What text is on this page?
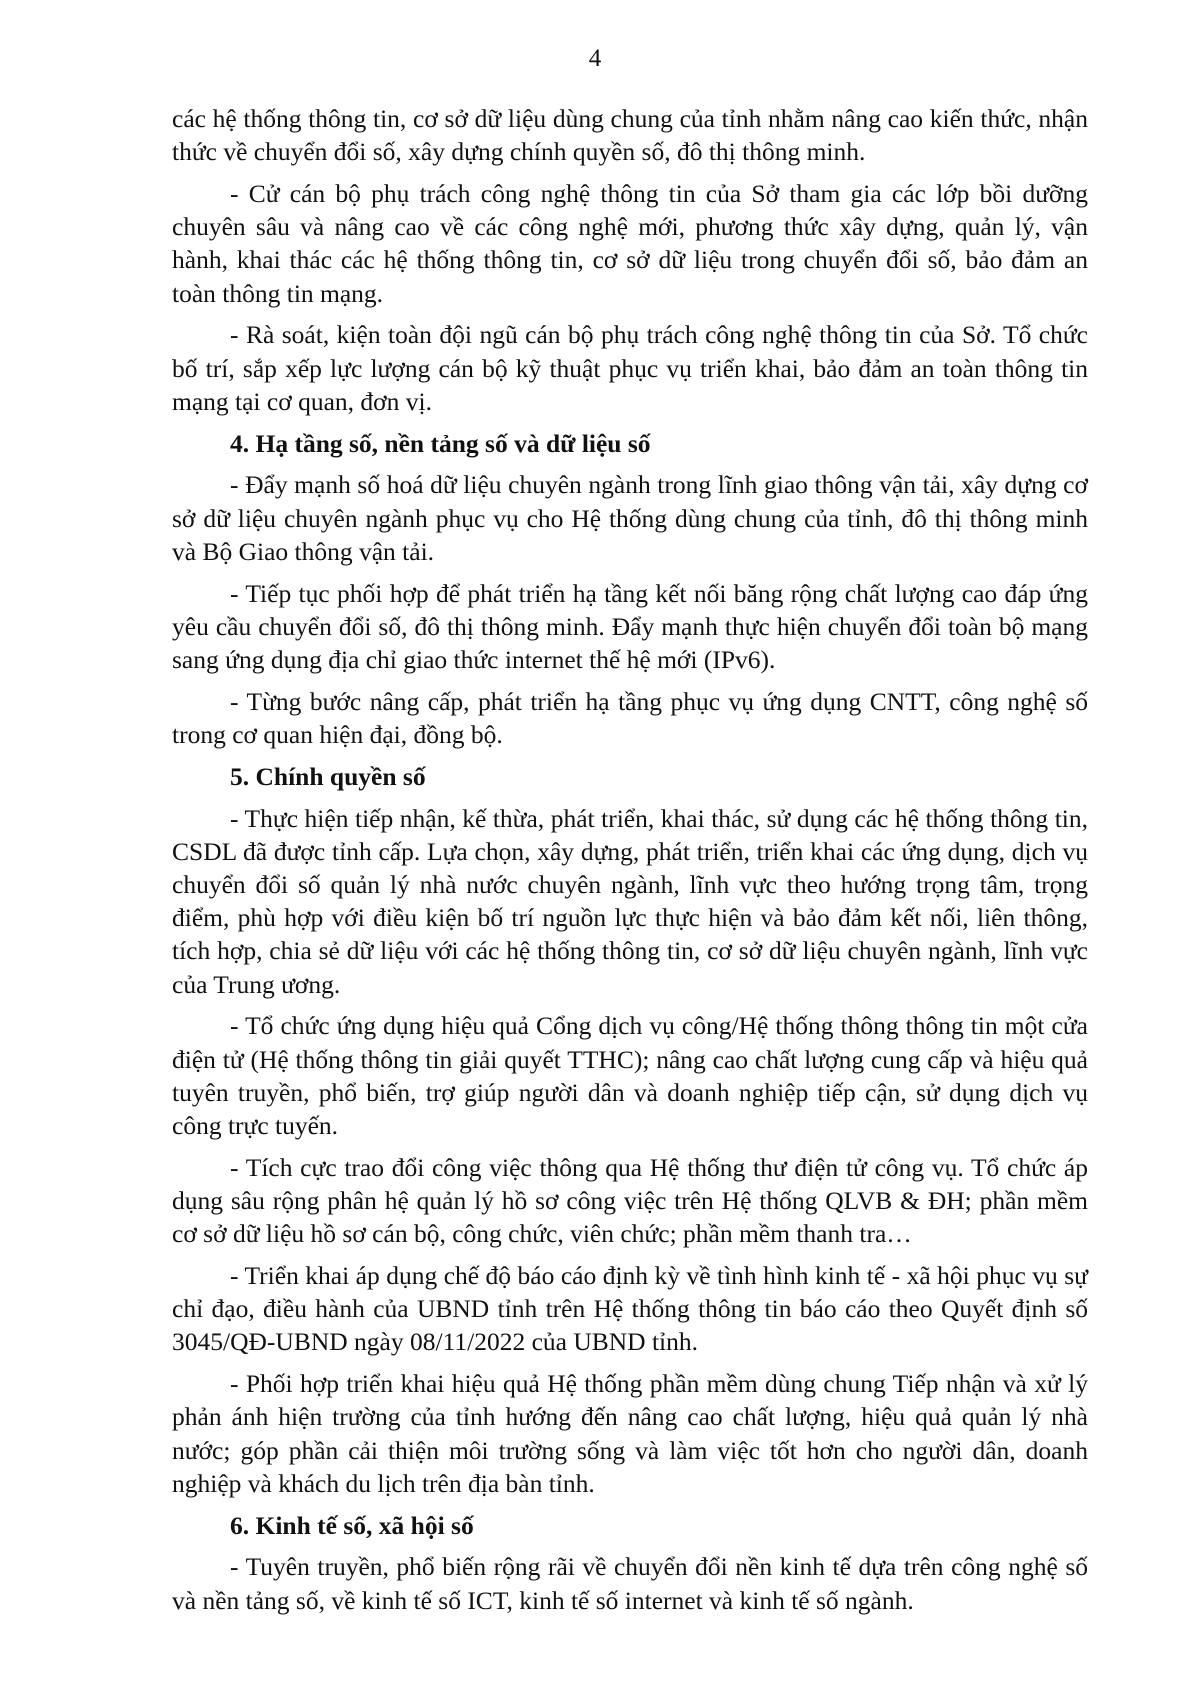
4

các hệ thống thông tin, cơ sở dữ liệu dùng chung của tỉnh nhằm nâng cao kiến thức, nhận thức về chuyển đổi số, xây dựng chính quyền số, đô thị thông minh.

- Cử cán bộ phụ trách công nghệ thông tin của Sở tham gia các lớp bồi dưỡng chuyên sâu và nâng cao về các công nghệ mới, phương thức xây dựng, quản lý, vận hành, khai thác các hệ thống thông tin, cơ sở dữ liệu trong chuyển đổi số, bảo đảm an toàn thông tin mạng.

- Rà soát, kiện toàn đội ngũ cán bộ phụ trách công nghệ thông tin của Sở. Tổ chức bố trí, sắp xếp lực lượng cán bộ kỹ thuật phục vụ triển khai, bảo đảm an toàn thông tin mạng tại cơ quan, đơn vị.

4. Hạ tầng số, nền tảng số và dữ liệu số

- Đẩy mạnh số hoá dữ liệu chuyên ngành trong lĩnh giao thông vận tải, xây dựng cơ sở dữ liệu chuyên ngành phục vụ cho Hệ thống dùng chung của tỉnh, đô thị thông minh và Bộ Giao thông vận tải.

- Tiếp tục phối hợp để phát triển hạ tầng kết nối băng rộng chất lượng cao đáp ứng yêu cầu chuyển đổi số, đô thị thông minh. Đẩy mạnh thực hiện chuyển đổi toàn bộ mạng sang ứng dụng địa chỉ giao thức internet thế hệ mới (IPv6).

- Từng bước nâng cấp, phát triển hạ tầng phục vụ ứng dụng CNTT, công nghệ số trong cơ quan hiện đại, đồng bộ.

5. Chính quyền số

- Thực hiện tiếp nhận, kế thừa, phát triển, khai thác, sử dụng các hệ thống thông tin, CSDL đã được tỉnh cấp. Lựa chọn, xây dựng, phát triển, triển khai các ứng dụng, dịch vụ chuyển đổi số quản lý nhà nước chuyên ngành, lĩnh vực theo hướng trọng tâm, trọng điểm, phù hợp với điều kiện bố trí nguồn lực thực hiện và bảo đảm kết nối, liên thông, tích hợp, chia sẻ dữ liệu với các hệ thống thông tin, cơ sở dữ liệu chuyên ngành, lĩnh vực của Trung ương.

- Tổ chức ứng dụng hiệu quả Cổng dịch vụ công/Hệ thống thông thông tin một cửa điện tử (Hệ thống thông tin giải quyết TTHC); nâng cao chất lượng cung cấp và hiệu quả tuyên truyền, phổ biến, trợ giúp người dân và doanh nghiệp tiếp cận, sử dụng dịch vụ công trực tuyến.

- Tích cực trao đổi công việc thông qua Hệ thống thư điện tử công vụ. Tổ chức áp dụng sâu rộng phân hệ quản lý hồ sơ công việc trên Hệ thống QLVB & ĐH; phần mềm cơ sở dữ liệu hồ sơ cán bộ, công chức, viên chức; phần mềm thanh tra…

- Triển khai áp dụng chế độ báo cáo định kỳ về tình hình kinh tế - xã hội phục vụ sự chỉ đạo, điều hành của UBND tỉnh trên Hệ thống thông tin báo cáo theo Quyết định số 3045/QĐ-UBND ngày 08/11/2022 của UBND tỉnh.

- Phối hợp triển khai hiệu quả Hệ thống phần mềm dùng chung Tiếp nhận và xử lý phản ánh hiện trường của tỉnh hướng đến nâng cao chất lượng, hiệu quả quản lý nhà nước; góp phần cải thiện môi trường sống và làm việc tốt hơn cho người dân, doanh nghiệp và khách du lịch trên địa bàn tỉnh.

6. Kinh tế số, xã hội số

- Tuyên truyền, phổ biến rộng rãi về chuyển đổi nền kinh tế dựa trên công nghệ số và nền tảng số, về kinh tế số ICT, kinh tế số internet và kinh tế số ngành.
